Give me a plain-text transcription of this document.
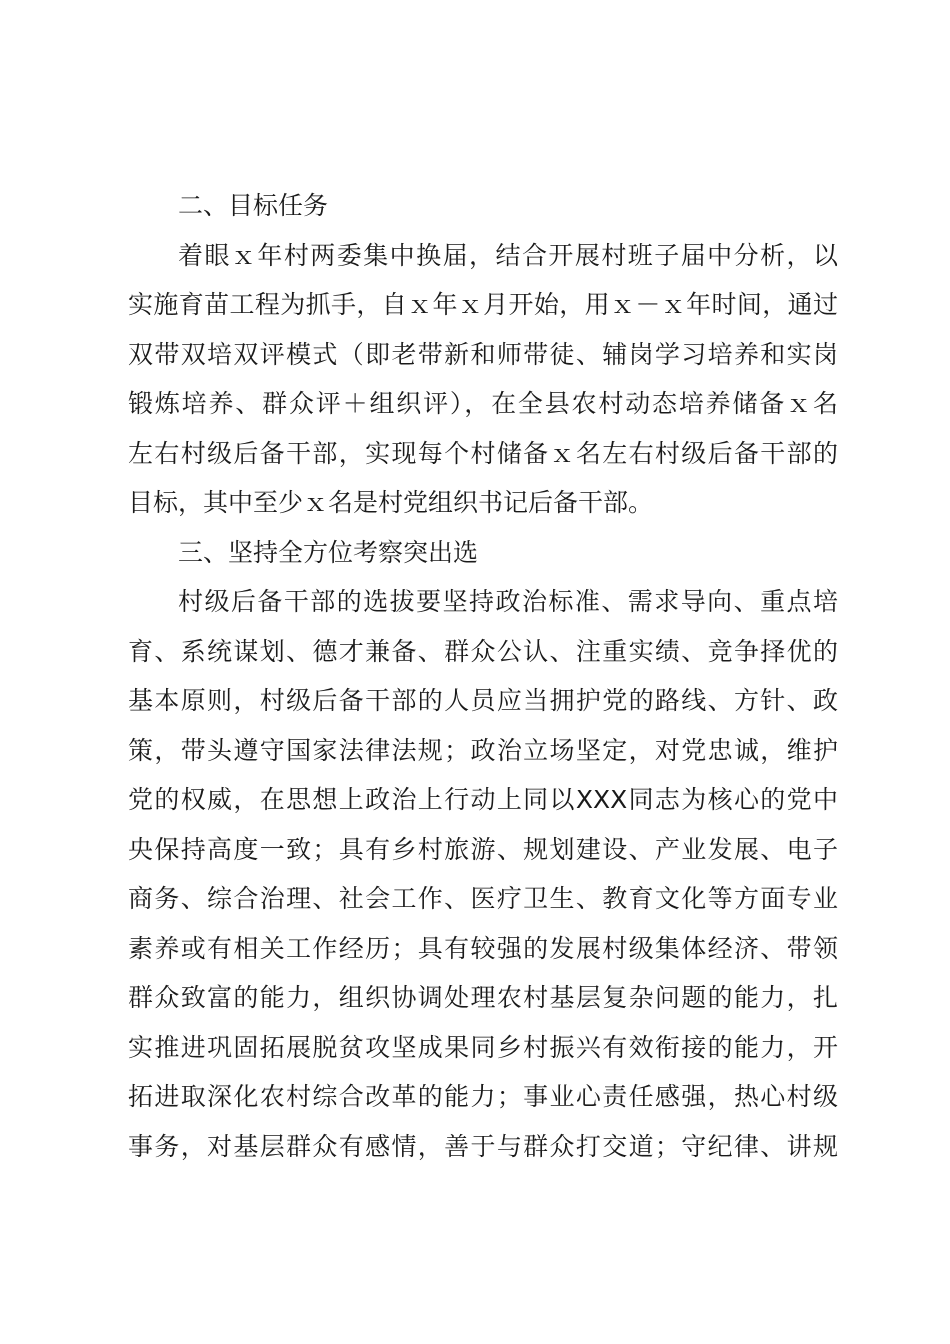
二、目标任务
着眼ｘ年村两委集中换届，结合开展村班子届中分析，以
实施育苗工程为抓手，自ｘ年ｘ月开始，用ｘ－ｘ年时间，通过
双带双培双评模式（即老带新和师带徒、辅岗学习培养和实岗
锻炼培养、群众评＋组织评），在全县农村动态培养储备ｘ名
左右村级后备干部，实现每个村储备ｘ名左右村级后备干部的
目标，其中至少ｘ名是村党组织书记后备干部。
三、坚持全方位考察突出选
村级后备干部的选拔要坚持政治标准、需求导向、重点培
育、系统谋划、德才兼备、群众公认、注重实绩、竞争择优的
基本原则，村级后备干部的人员应当拥护党的路线、方针、政
策，带头遵守国家法律法规；政治立场坚定，对党忠诚，维护
党的权威，在思想上政治上行动上同以XXX同志为核心的党中
央保持高度一致；具有乡村旅游、规划建设、产业发展、电子
商务、综合治理、社会工作、医疗卫生、教育文化等方面专业
素养或有相关工作经历；具有较强的发展村级集体经济、带领
群众致富的能力，组织协调处理农村基层复杂问题的能力，扎
实推进巩固拓展脱贫攻坚成果同乡村振兴有效衔接的能力，开
拓进取深化农村综合改革的能力；事业心责任感强，热心村级
事务，对基层群众有感情，善于与群众打交道；守纪律、讲规
